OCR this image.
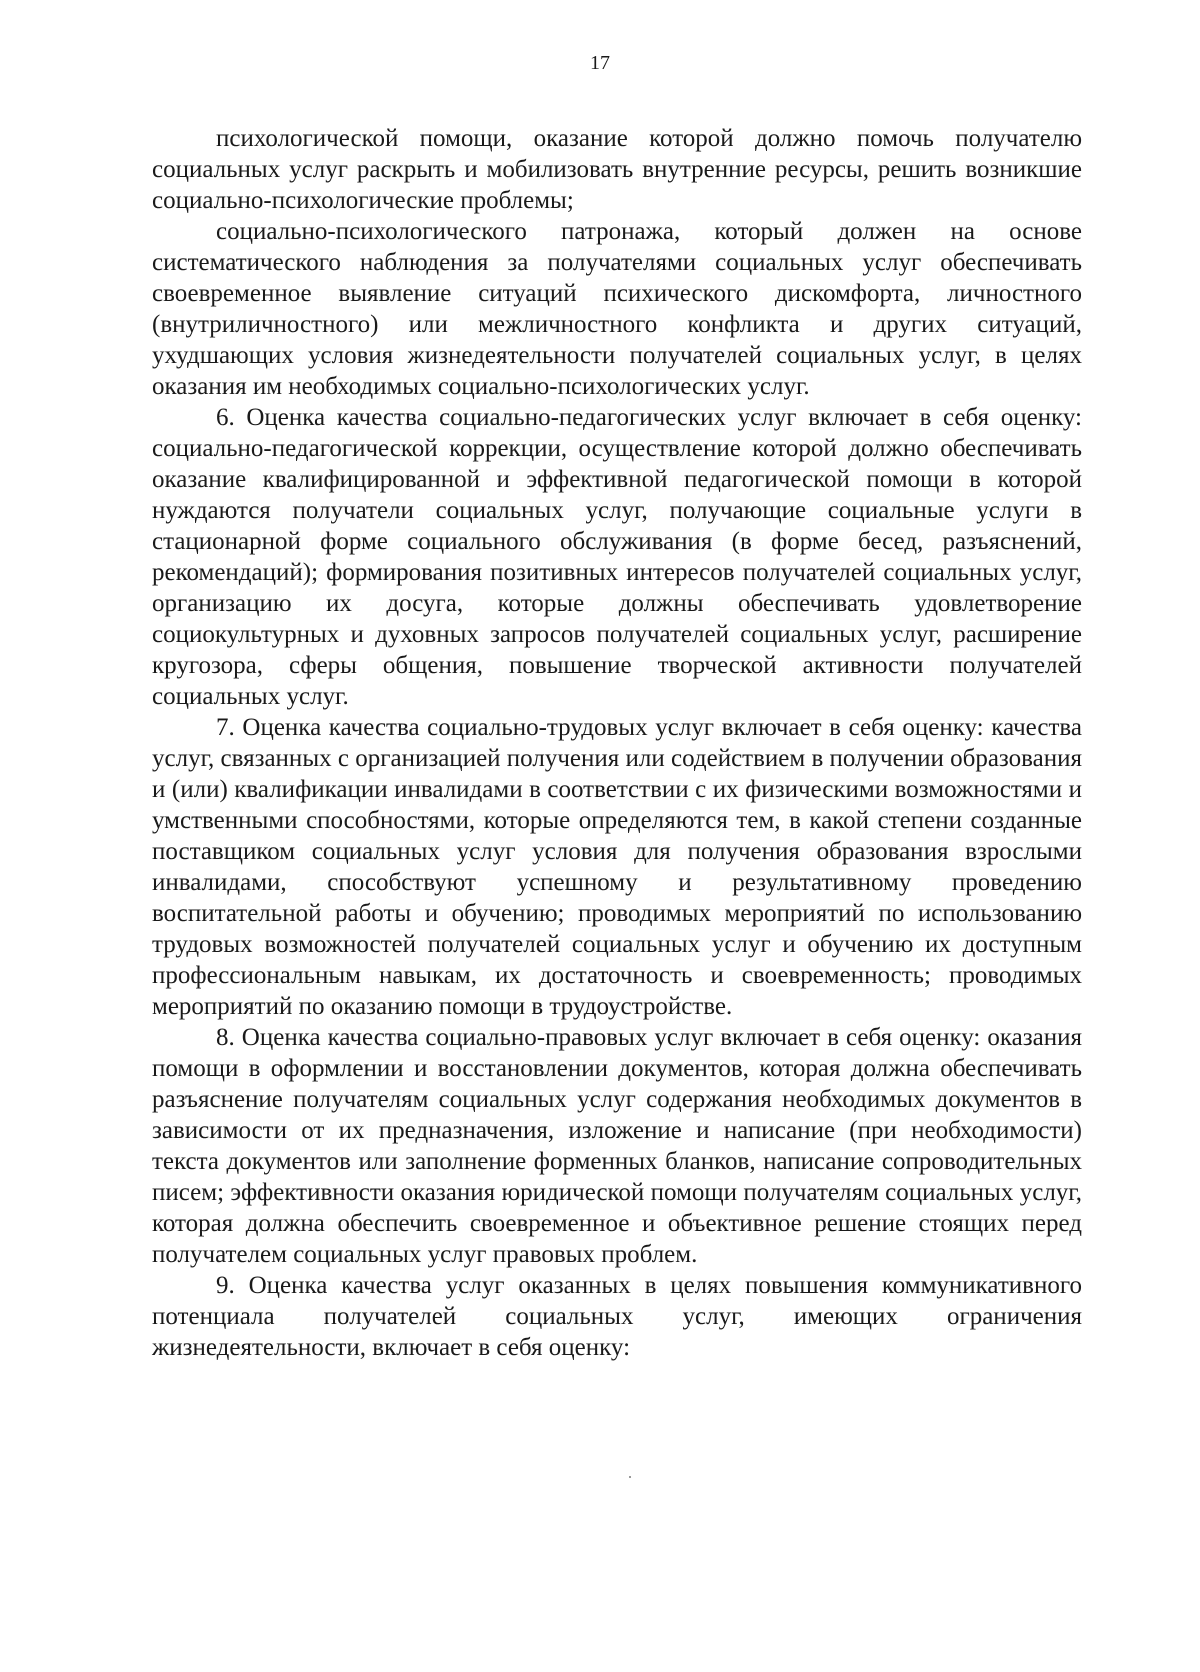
17

психологической помощи, оказание которой должно помочь получателю социальных услуг раскрыть и мобилизовать внутренние ресурсы, решить возникшие социально-психологические проблемы;

социально-психологического патронажа, который должен на основе систематического наблюдения за получателями социальных услуг обеспечивать своевременное выявление ситуаций психического дискомфорта, личностного (внутриличностного) или межличностного конфликта и других ситуаций, ухудшающих условия жизнедеятельности получателей социальных услуг, в целях оказания им необходимых социально-психологических услуг.

6. Оценка качества социально-педагогических услуг включает в себя оценку: социально-педагогической коррекции, осуществление которой должно обеспечивать оказание квалифицированной и эффективной педагогической помощи в которой нуждаются получатели социальных услуг, получающие социальные услуги в стационарной форме социального обслуживания (в форме бесед, разъяснений, рекомендаций); формирования позитивных интересов получателей социальных услуг, организацию их досуга, которые должны обеспечивать удовлетворение социокультурных и духовных запросов получателей социальных услуг, расширение кругозора, сферы общения, повышение творческой активности получателей социальных услуг.

7. Оценка качества социально-трудовых услуг включает в себя оценку: качества услуг, связанных с организацией получения или содействием в получении образования и (или) квалификации инвалидами в соответствии с их физическими возможностями и умственными способностями, которые определяются тем, в какой степени созданные поставщиком социальных услуг условия для получения образования взрослыми инвалидами, способствуют успешному и результативному проведению воспитательной работы и обучению; проводимых мероприятий по использованию трудовых возможностей получателей социальных услуг и обучению их доступным профессиональным навыкам, их достаточность и своевременность; проводимых мероприятий по оказанию помощи в трудоустройстве.

8. Оценка качества социально-правовых услуг включает в себя оценку: оказания помощи в оформлении и восстановлении документов, которая должна обеспечивать разъяснение получателям социальных услуг содержания необходимых документов в зависимости от их предназначения, изложение и написание (при необходимости) текста документов или заполнение форменных бланков, написание сопроводительных писем; эффективности оказания юридической помощи получателям социальных услуг, которая должна обеспечить своевременное и объективное решение стоящих перед получателем социальных услуг правовых проблем.

9. Оценка качества услуг оказанных в целях повышения коммуникативного потенциала получателей социальных услуг, имеющих ограничения жизнедеятельности, включает в себя оценку:
